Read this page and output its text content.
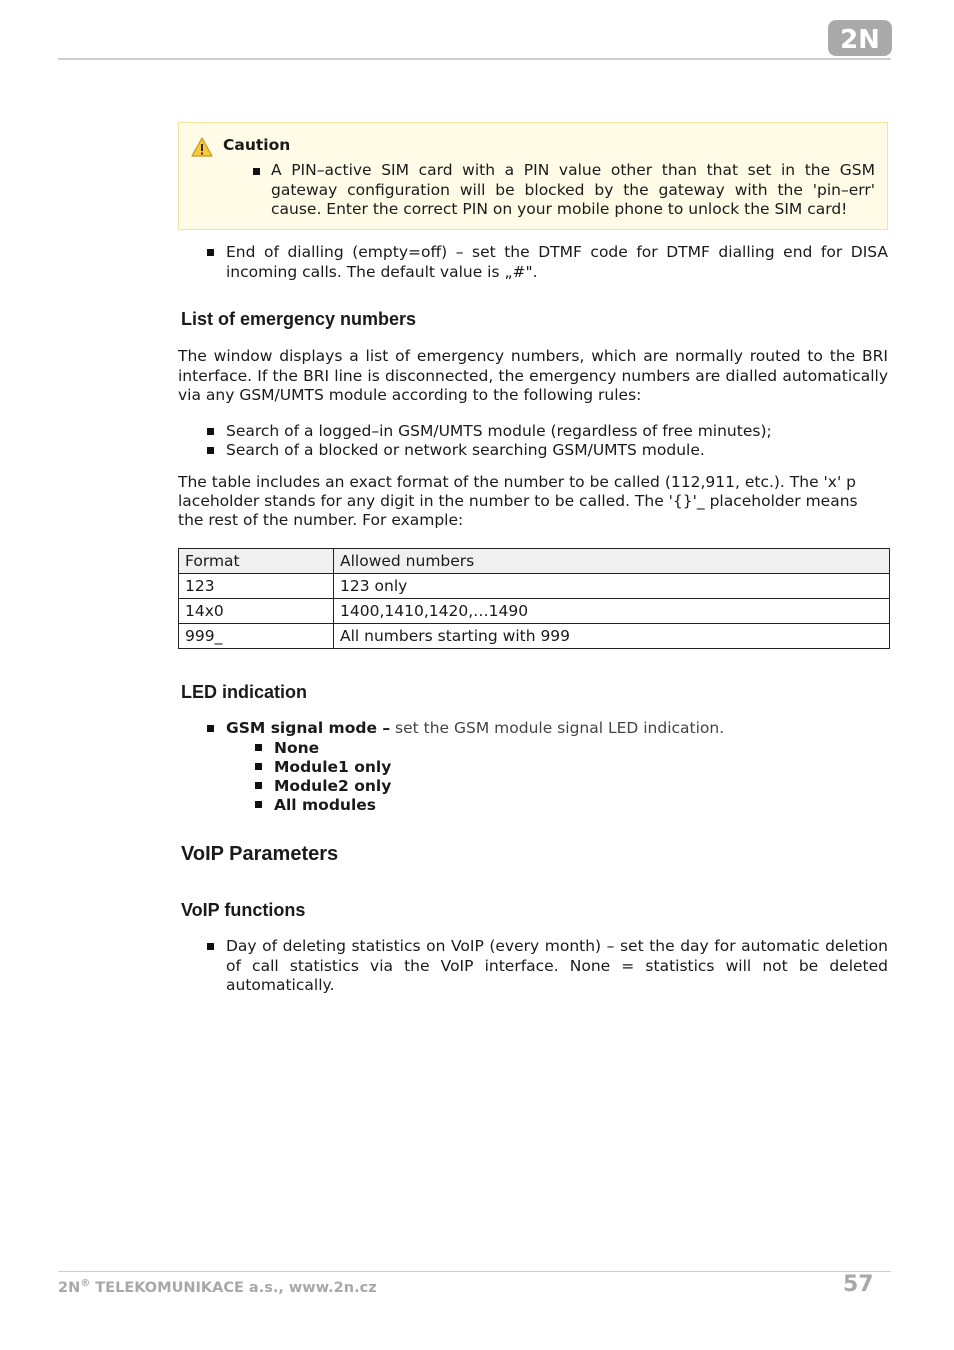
2N
Caution
A PIN–active SIM card with a PIN value other than that set in the GSM gateway configuration will be blocked by the gateway with the 'pin–err' cause. Enter the correct PIN on your mobile phone to unlock the SIM card!
End of dialling (empty=off) – set the DTMF code for DTMF dialling end for DISA incoming calls. The default value is „#".
List of emergency numbers
The window displays a list of emergency numbers, which are normally routed to the BRI interface. If the BRI line is disconnected, the emergency numbers are dialled automatically via any GSM/UMTS module according to the following rules:
Search of a logged–in GSM/UMTS module (regardless of free minutes);
Search of a blocked or network searching GSM/UMTS module.
The table includes an exact format of the number to be called (112,911, etc.). The 'x' p
laceholder stands for any digit in the number to be called. The '{}'_ placeholder means
the rest of the number. For example:
Format	Allowed numbers
123	123 only
14x0	1400,1410,1420,…1490
999_	All numbers starting with 999
LED indication
GSM signal mode – set the GSM module signal LED indication.
None
Module1 only
Module2 only
All modules
VoIP Parameters
VoIP functions
Day of deleting statistics on VoIP (every month) – set the day for automatic deletion of call statistics via the VoIP interface. None = statistics will not be deleted automatically.
2N® TELEKOMUNIKACE a.s., www.2n.cz	57
